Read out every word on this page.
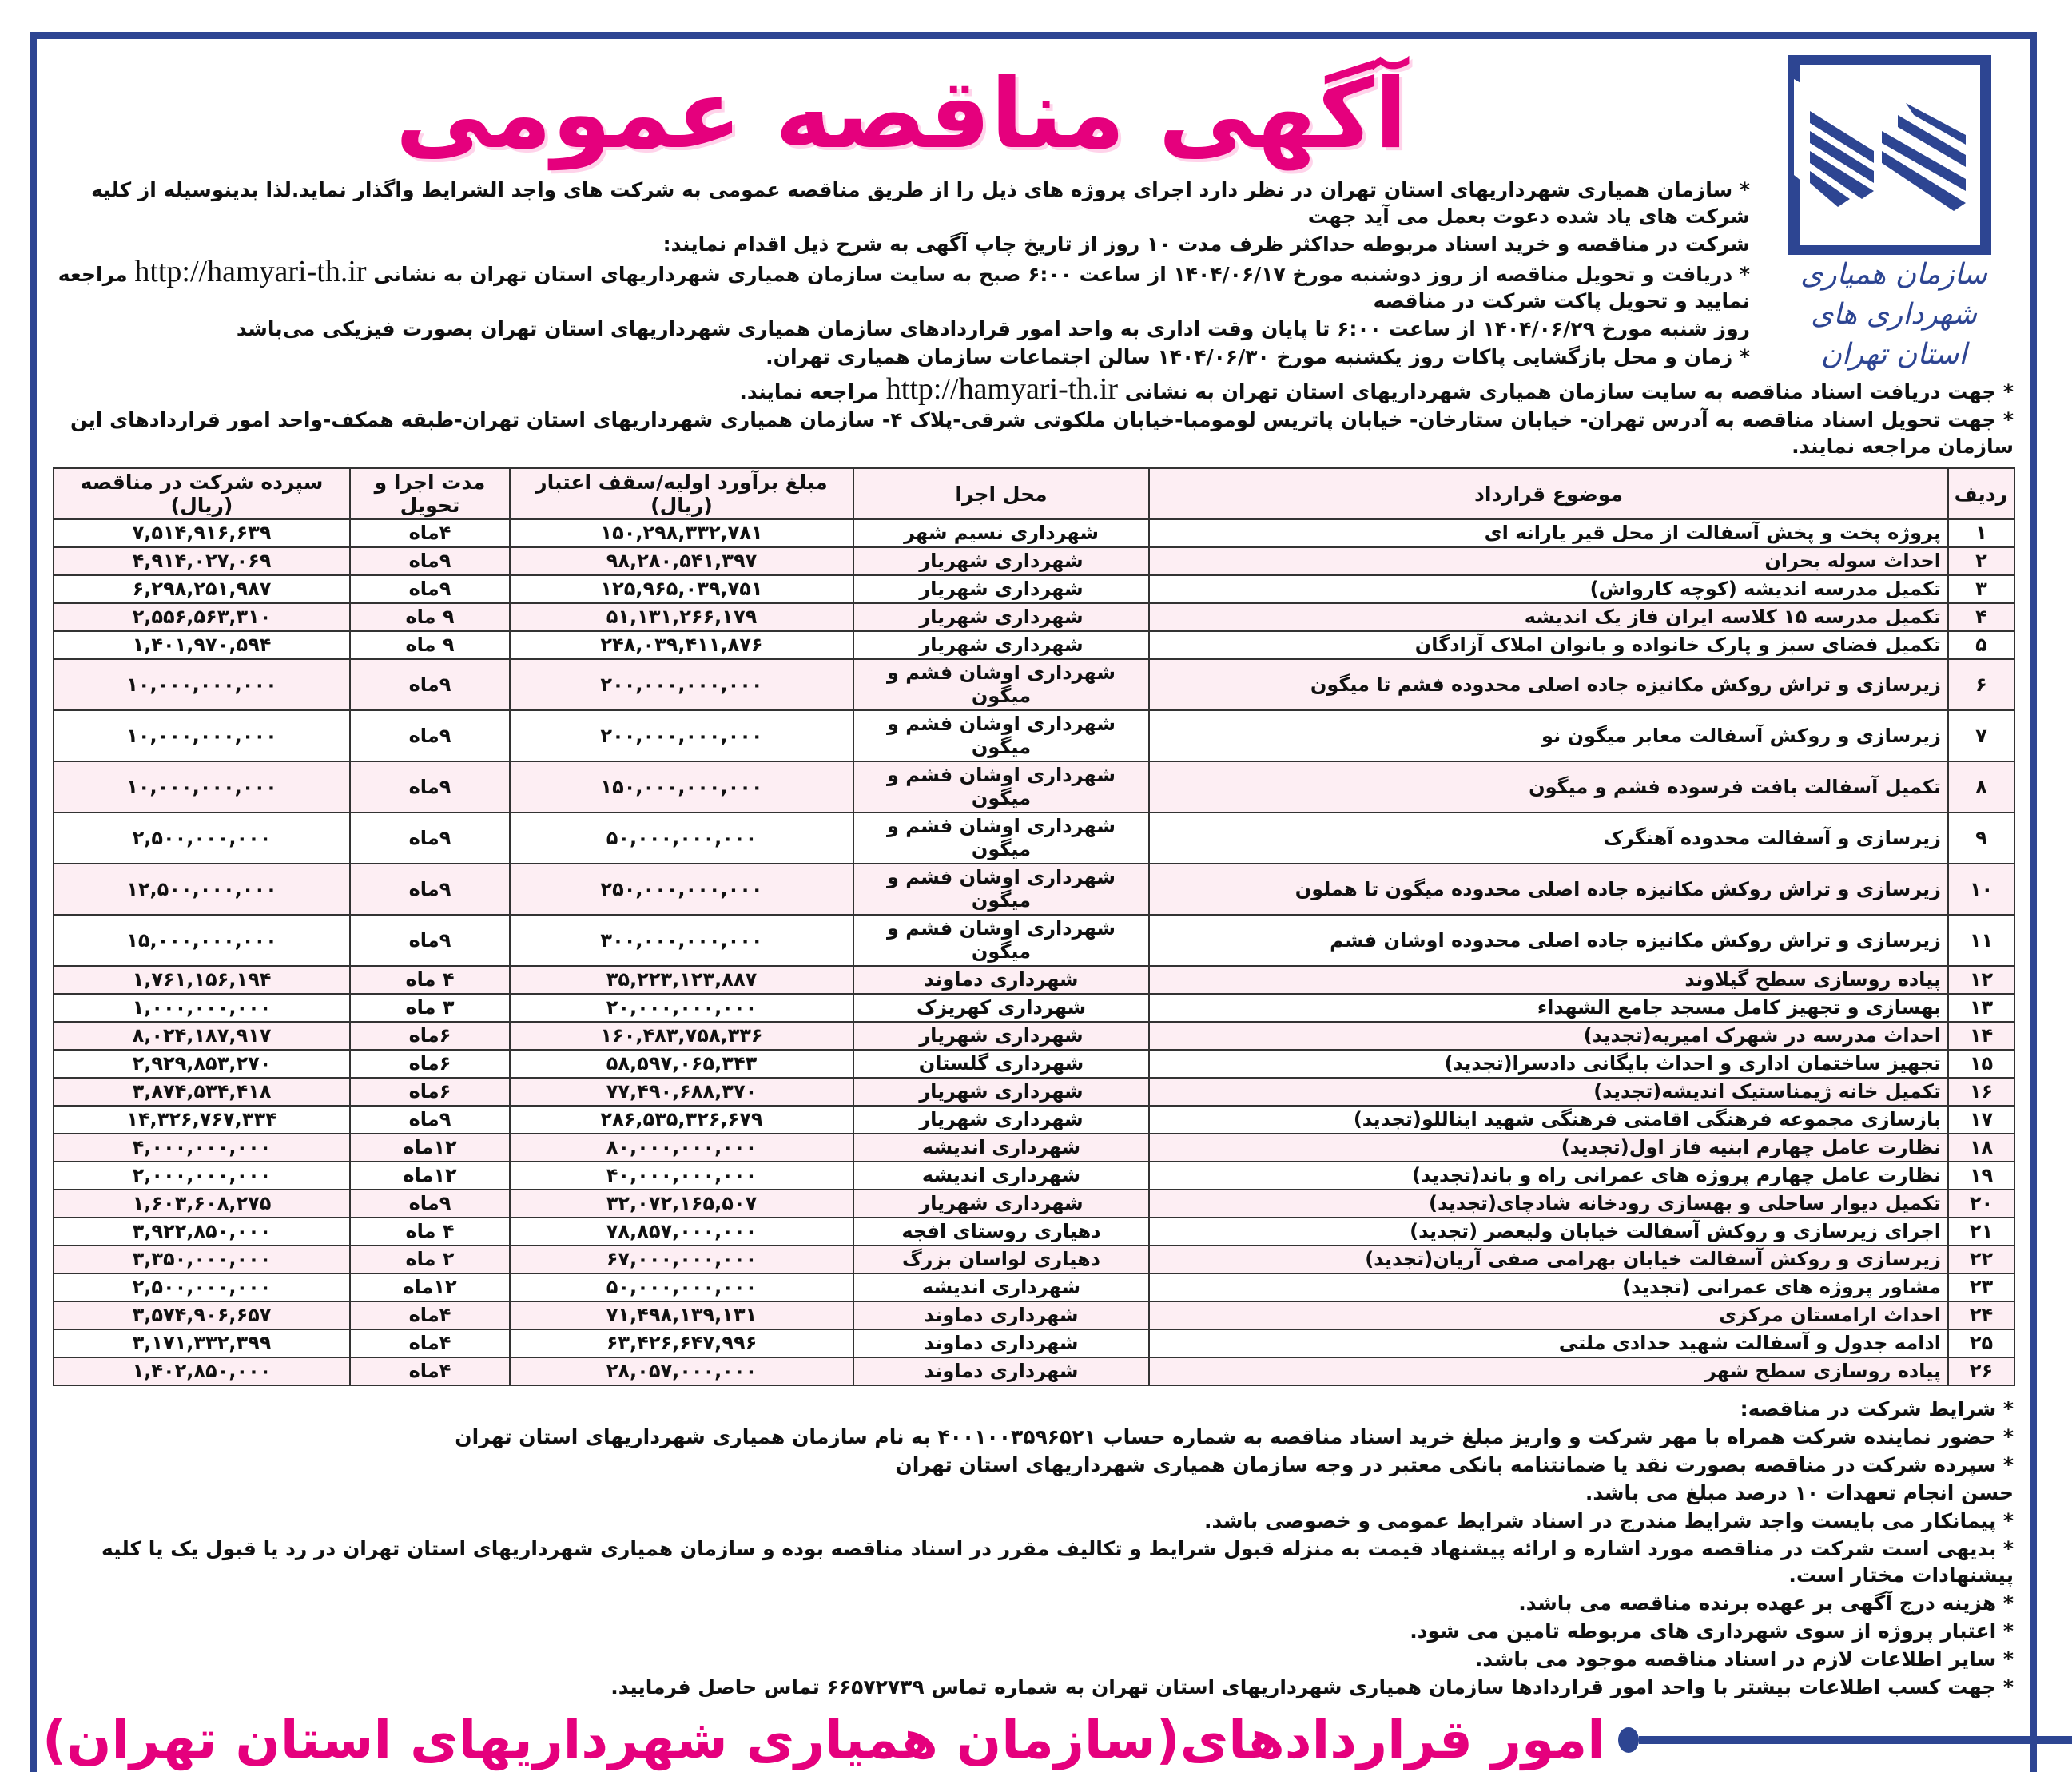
سازمان همیاری شهرداری های
استان تهران
آگهی مناقصه عمومی
* سازمان همیاری شهرداریهای استان تهران در نظر دارد اجرای پروژه های ذیل را از طریق مناقصه عمومی به شرکت های واجد الشرایط واگذار نماید.لذا بدینوسیله از کلیه شرکت های یاد شده دعوت بعمل می آید جهت
شرکت در مناقصه و خرید اسناد مربوطه حداکثر ظرف مدت ۱۰ روز از تاریخ چاپ آگهی به شرح ذیل اقدام نمایند:
* دریافت و تحویل مناقصه از روز دوشنبه مورخ ۱۴۰۴/۰۶/۱۷ از ساعت ۶:۰۰ صبح به سایت سازمان همیاری شهرداریهای استان تهران به نشانی http://hamyari-th.ir مراجعه نمایید و تحویل پاکت شرکت در مناقصه
روز شنبه مورخ ۱۴۰۴/۰۶/۲۹ از ساعت ۶:۰۰ تا پایان وقت اداری به واحد امور قراردادهای سازمان همیاری شهرداریهای استان تهران بصورت فیزیکی می‌باشد
* زمان و محل بازگشایی پاکات روز یکشنبه مورخ ۱۴۰۴/۰۶/۳۰ سالن اجتماعات سازمان همیاری تهران.
* جهت دریافت اسناد مناقصه به سایت سازمان همیاری شهرداریهای استان تهران به نشانی http://hamyari-th.ir مراجعه نمایند.
* جهت تحویل اسناد مناقصه به آدرس تهران- خیابان ستارخان- خیابان پاتریس لومومبا-خیابان ملکوتی شرقی-پلاک ۴- سازمان همیاری شهرداریهای استان تهران-طبقه همکف-واحد امور قراردادهای این سازمان مراجعه نمایند.
ردیف	موضوع قرارداد	محل اجرا	مبلغ برآورد اولیه/سقف اعتبار (ریال)	مدت اجرا و تحویل	سپرده شرکت در مناقصه (ریال)
۱	پروژه پخت و پخش آسفالت از محل قیر یارانه ای	شهرداری نسیم شهر	۱۵۰,۲۹۸,۳۳۲,۷۸۱	۴ماه	۷,۵۱۴,۹۱۶,۶۳۹
۲	احداث سوله بحران	شهرداری شهریار	۹۸,۲۸۰,۵۴۱,۳۹۷	۹ماه	۴,۹۱۴,۰۲۷,۰۶۹
۳	تکمیل مدرسه اندیشه (کوچه کارواش)	شهرداری شهریار	۱۲۵,۹۶۵,۰۳۹,۷۵۱	۹ماه	۶,۲۹۸,۲۵۱,۹۸۷
۴	تکمیل مدرسه ۱۵ کلاسه ایران فاز یک اندیشه	شهرداری شهریار	۵۱,۱۳۱,۲۶۶,۱۷۹	۹ ماه	۲,۵۵۶,۵۶۳,۳۱۰
۵	تکمیل فضای سبز و پارک خانواده و بانوان املاک آزادگان	شهرداری شهریار	۲۴۸,۰۳۹,۴۱۱,۸۷۶	۹ ماه	۱,۴۰۱,۹۷۰,۵۹۴
۶	زیرسازی و تراش روکش مکانیزه جاده اصلی محدوده فشم تا میگون	شهرداری اوشان فشم و میگون	۲۰۰,۰۰۰,۰۰۰,۰۰۰	۹ماه	۱۰,۰۰۰,۰۰۰,۰۰۰
۷	زیرسازی و روکش آسفالت معابر میگون نو	شهرداری اوشان فشم و میگون	۲۰۰,۰۰۰,۰۰۰,۰۰۰	۹ماه	۱۰,۰۰۰,۰۰۰,۰۰۰
۸	تکمیل آسفالت بافت فرسوده فشم و میگون	شهرداری اوشان فشم و میگون	۱۵۰,۰۰۰,۰۰۰,۰۰۰	۹ماه	۱۰,۰۰۰,۰۰۰,۰۰۰
۹	زیرسازی و آسفالت محدوده آهنگرک	شهرداری اوشان فشم و میگون	۵۰,۰۰۰,۰۰۰,۰۰۰	۹ماه	۲,۵۰۰,۰۰۰,۰۰۰
۱۰	زیرسازی و تراش روکش مکانیزه جاده اصلی محدوده میگون تا هملون	شهرداری اوشان فشم و میگون	۲۵۰,۰۰۰,۰۰۰,۰۰۰	۹ماه	۱۲,۵۰۰,۰۰۰,۰۰۰
۱۱	زیرسازی و تراش روکش مکانیزه جاده اصلی محدوده اوشان فشم	شهرداری اوشان فشم و میگون	۳۰۰,۰۰۰,۰۰۰,۰۰۰	۹ماه	۱۵,۰۰۰,۰۰۰,۰۰۰
۱۲	پیاده روسازی سطح گیلاوند	شهرداری دماوند	۳۵,۲۲۳,۱۲۳,۸۸۷	۴ ماه	۱,۷۶۱,۱۵۶,۱۹۴
۱۳	بهسازی و تجهیز کامل مسجد جامع الشهداء	شهرداری کهریزک	۲۰,۰۰۰,۰۰۰,۰۰۰	۳ ماه	۱,۰۰۰,۰۰۰,۰۰۰
۱۴	احداث مدرسه در شهرک امیریه(تجدید)	شهرداری شهریار	۱۶۰,۴۸۳,۷۵۸,۳۳۶	۶ماه	۸,۰۲۴,۱۸۷,۹۱۷
۱۵	تجهیز ساختمان اداری و احداث بایگانی دادسرا(تجدید)	شهرداری گلستان	۵۸,۵۹۷,۰۶۵,۳۴۳	۶ماه	۲,۹۲۹,۸۵۳,۲۷۰
۱۶	تکمیل خانه ژیمناستیک اندیشه(تجدید)	شهرداری شهریار	۷۷,۴۹۰,۶۸۸,۳۷۰	۶ماه	۳,۸۷۴,۵۳۴,۴۱۸
۱۷	بازسازی مجموعه فرهنگی اقامتی فرهنگی شهید ایناللو(تجدید)	شهرداری شهریار	۲۸۶,۵۳۵,۳۲۶,۶۷۹	۹ماه	۱۴,۳۲۶,۷۶۷,۳۳۴
۱۸	نظارت عامل چهارم ابنیه فاز اول(تجدید)	شهرداری اندیشه	۸۰,۰۰۰,۰۰۰,۰۰۰	۱۲ماه	۴,۰۰۰,۰۰۰,۰۰۰
۱۹	نظارت عامل چهارم پروژه های عمرانی راه و باند(تجدید)	شهرداری اندیشه	۴۰,۰۰۰,۰۰۰,۰۰۰	۱۲ماه	۲,۰۰۰,۰۰۰,۰۰۰
۲۰	تکمیل دیوار ساحلی و بهسازی رودخانه شادچای(تجدید)	شهرداری شهریار	۳۲,۰۷۲,۱۶۵,۵۰۷	۹ماه	۱,۶۰۳,۶۰۸,۲۷۵
۲۱	اجرای زیرسازی و روکش آسفالت خیابان ولیعصر (تجدید)	دهیاری روستای افجه	۷۸,۸۵۷,۰۰۰,۰۰۰	۴ ماه	۳,۹۲۲,۸۵۰,۰۰۰
۲۲	زیرسازی و روکش آسفالت خیابان بهرامی صفی آریان(تجدید)	دهیاری لواسان بزرگ	۶۷,۰۰۰,۰۰۰,۰۰۰	۲ ماه	۳,۳۵۰,۰۰۰,۰۰۰
۲۳	مشاور پروژه های عمرانی (تجدید)	شهرداری اندیشه	۵۰,۰۰۰,۰۰۰,۰۰۰	۱۲ماه	۲,۵۰۰,۰۰۰,۰۰۰
۲۴	احداث ارامستان مرکزی	شهرداری دماوند	۷۱,۴۹۸,۱۳۹,۱۳۱	۴ماه	۳,۵۷۴,۹۰۶,۶۵۷
۲۵	ادامه جدول و آسفالت شهید حدادی ملتی	شهرداری دماوند	۶۳,۴۲۶,۶۴۷,۹۹۶	۴ماه	۳,۱۷۱,۳۳۲,۳۹۹
۲۶	پیاده روسازی سطح شهر	شهرداری دماوند	۲۸,۰۵۷,۰۰۰,۰۰۰	۴ماه	۱,۴۰۲,۸۵۰,۰۰۰
* شرایط شرکت در مناقصه:
* حضور نماینده شرکت همراه با مهر شرکت و واریز مبلغ خرید اسناد مناقصه به شماره حساب ۴۰۰۱۰۰۳۵۹۶۵۲۱ به نام سازمان همیاری شهرداریهای استان تهران
* سپرده شرکت در مناقصه بصورت نقد یا ضمانتنامه بانکی معتبر در وجه سازمان همیاری شهرداریهای استان تهران
حسن انجام تعهدات ۱۰ درصد مبلغ می باشد.
* پیمانکار می بایست واجد شرایط مندرج در اسناد شرایط عمومی و خصوصی باشد.
* بدیهی است شرکت در مناقصه مورد اشاره و ارائه پیشنهاد قیمت به منزله قبول شرایط و تکالیف مقرر در اسناد مناقصه بوده و سازمان همیاری شهرداریهای استان تهران در رد یا قبول یک یا کلیه پیشنهادات مختار است.
* هزینه درج آگهی بر عهده برنده مناقصه می باشد.
* اعتبار پروژه از سوی شهرداری های مربوطه تامین می شود.
* سایر اطلاعات لازم در اسناد مناقصه موجود می باشد.
* جهت کسب اطلاعات بیشتر با واحد امور قراردادها سازمان همیاری شهرداریهای استان تهران به شماره تماس ۶۶۵۷۲۷۳۹ تماس حاصل فرمایید.
امور قراردادهای(سازمان همیاری شهرداریهای استان تهران)
